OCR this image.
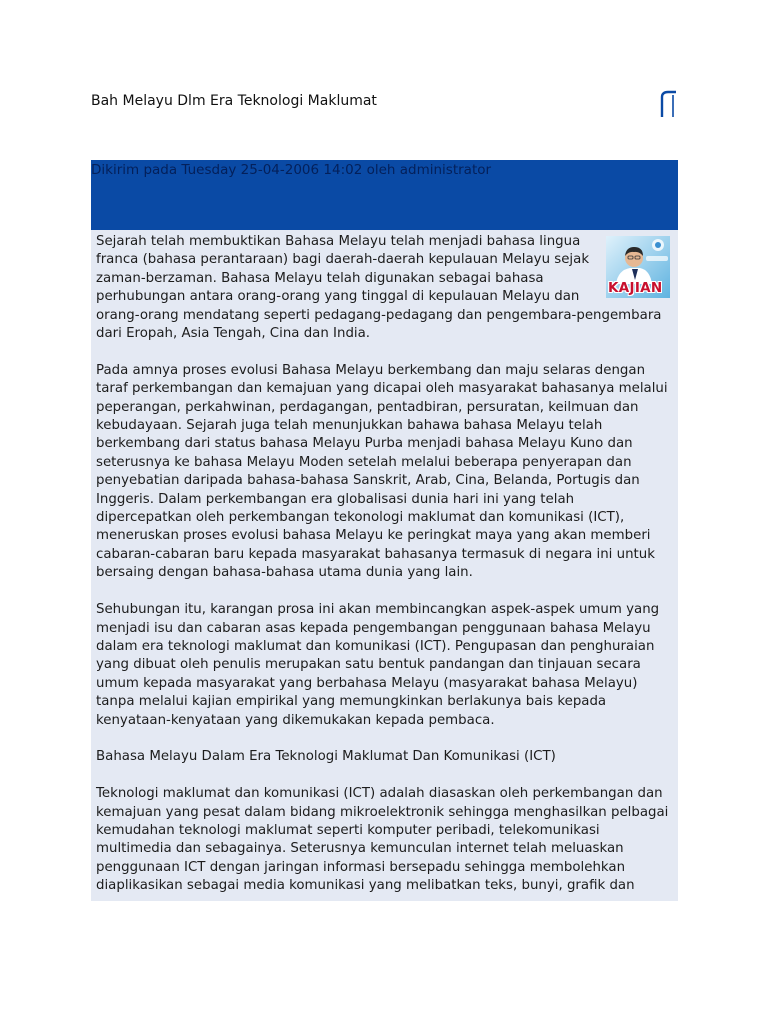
Bah Melayu Dlm Era Teknologi Maklumat
Dikirim pada Tuesday 25-04-2006 14:02 oleh administrator
KAJIAN

Sejarah telah membuktikan Bahasa Melayu telah menjadi bahasa lingua franca (bahasa perantaraan) bagi daerah-daerah kepulauan Melayu sejak zaman-berzaman. Bahasa Melayu telah digunakan sebagai bahasa perhubungan antara orang-orang yang tinggal di kepulauan Melayu dan orang-orang mendatang seperti pedagang-pedagang dan pengembara-pengembara dari Eropah, Asia Tengah, Cina dan India.

Pada amnya proses evolusi Bahasa Melayu berkembang dan maju selaras dengan taraf perkembangan dan kemajuan yang dicapai oleh masyarakat bahasanya melalui peperangan, perkahwinan, perdagangan, pentadbiran, persuratan, keilmuan dan kebudayaan. Sejarah juga telah menunjukkan bahawa bahasa Melayu telah berkembang dari status bahasa Melayu Purba menjadi bahasa Melayu Kuno dan seterusnya ke bahasa Melayu Moden setelah melalui beberapa penyerapan dan penyebatian daripada bahasa-bahasa Sanskrit, Arab, Cina, Belanda, Portugis dan Inggeris. Dalam perkembangan era globalisasi dunia hari ini yang telah dipercepatkan oleh perkembangan tekonologi maklumat dan komunikasi (ICT), meneruskan proses evolusi bahasa Melayu ke peringkat maya yang akan memberi cabaran-cabaran baru kepada masyarakat bahasanya termasuk di negara ini untuk bersaing dengan bahasa-bahasa utama dunia yang lain.

Sehubungan itu, karangan prosa ini akan membincangkan aspek-aspek umum yang menjadi isu dan cabaran asas kepada pengembangan penggunaan bahasa Melayu dalam era teknologi maklumat dan komunikasi (ICT). Pengupasan dan penghuraian yang dibuat oleh penulis merupakan satu bentuk pandangan dan tinjauan secara umum kepada masyarakat yang berbahasa Melayu (masyarakat bahasa Melayu) tanpa melalui kajian empirikal yang memungkinkan berlakunya bais kepada kenyataan-kenyataan yang dikemukakan kepada pembaca.

Bahasa Melayu Dalam Era Teknologi Maklumat Dan Komunikasi (ICT)

Teknologi maklumat dan komunikasi (ICT) adalah diasaskan oleh perkembangan dan kemajuan yang pesat dalam bidang mikroelektronik sehingga menghasilkan pelbagai kemudahan teknologi maklumat seperti komputer peribadi, telekomunikasi multimedia dan sebagainya. Seterusnya kemunculan internet telah meluaskan penggunaan ICT dengan jaringan informasi bersepadu sehingga membolehkan diaplikasikan sebagai media komunikasi yang melibatkan teks, bunyi, grafik dan
